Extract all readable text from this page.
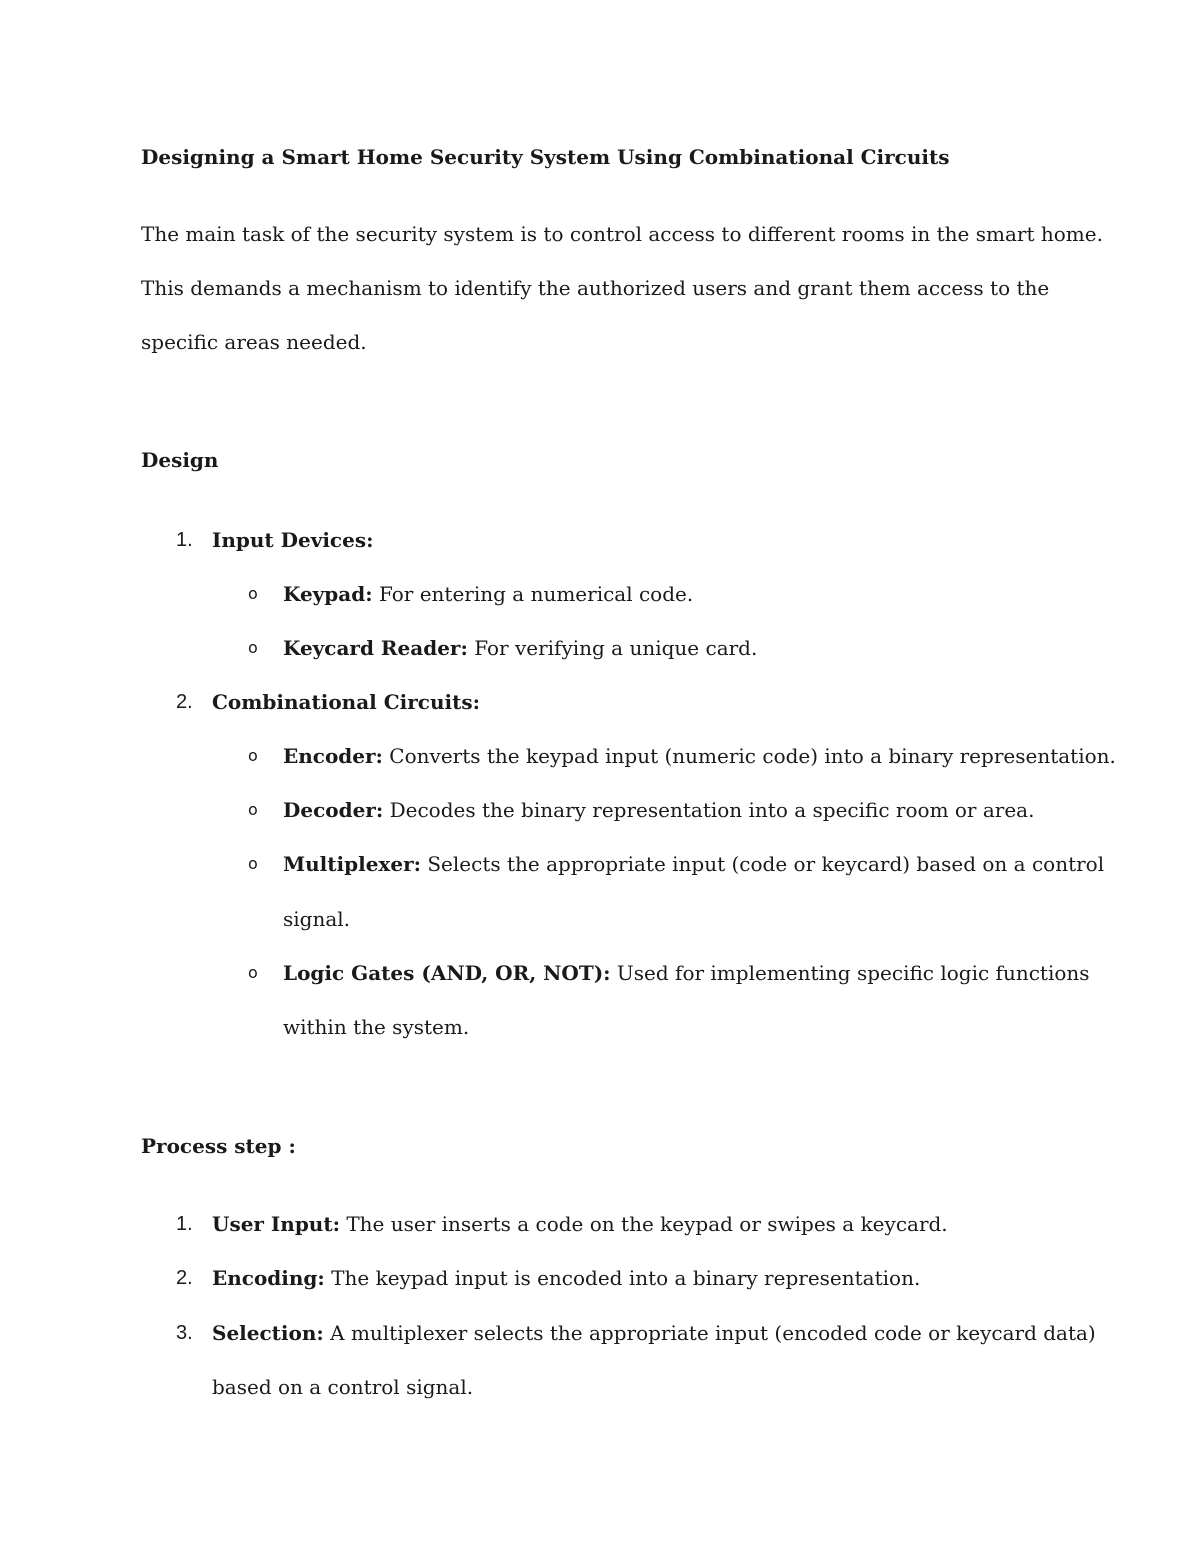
Designing a Smart Home Security System Using Combinational Circuits
The main task of the security system is to control access to different rooms in the smart home.
This demands a mechanism to identify the authorized users and grant them access to the
specific areas needed.
Design
1. Input Devices:
o Keypad: For entering a numerical code.
o Keycard Reader: For verifying a unique card.
2. Combinational Circuits:
o Encoder: Converts the keypad input (numeric code) into a binary representation.
o Decoder: Decodes the binary representation into a specific room or area.
o Multiplexer: Selects the appropriate input (code or keycard) based on a control
signal.
o Logic Gates (AND, OR, NOT): Used for implementing specific logic functions
within the system.
Process step :
1. User Input: The user inserts a code on the keypad or swipes a keycard.
2. Encoding: The keypad input is encoded into a binary representation.
3. Selection: A multiplexer selects the appropriate input (encoded code or keycard data)
based on a control signal.
